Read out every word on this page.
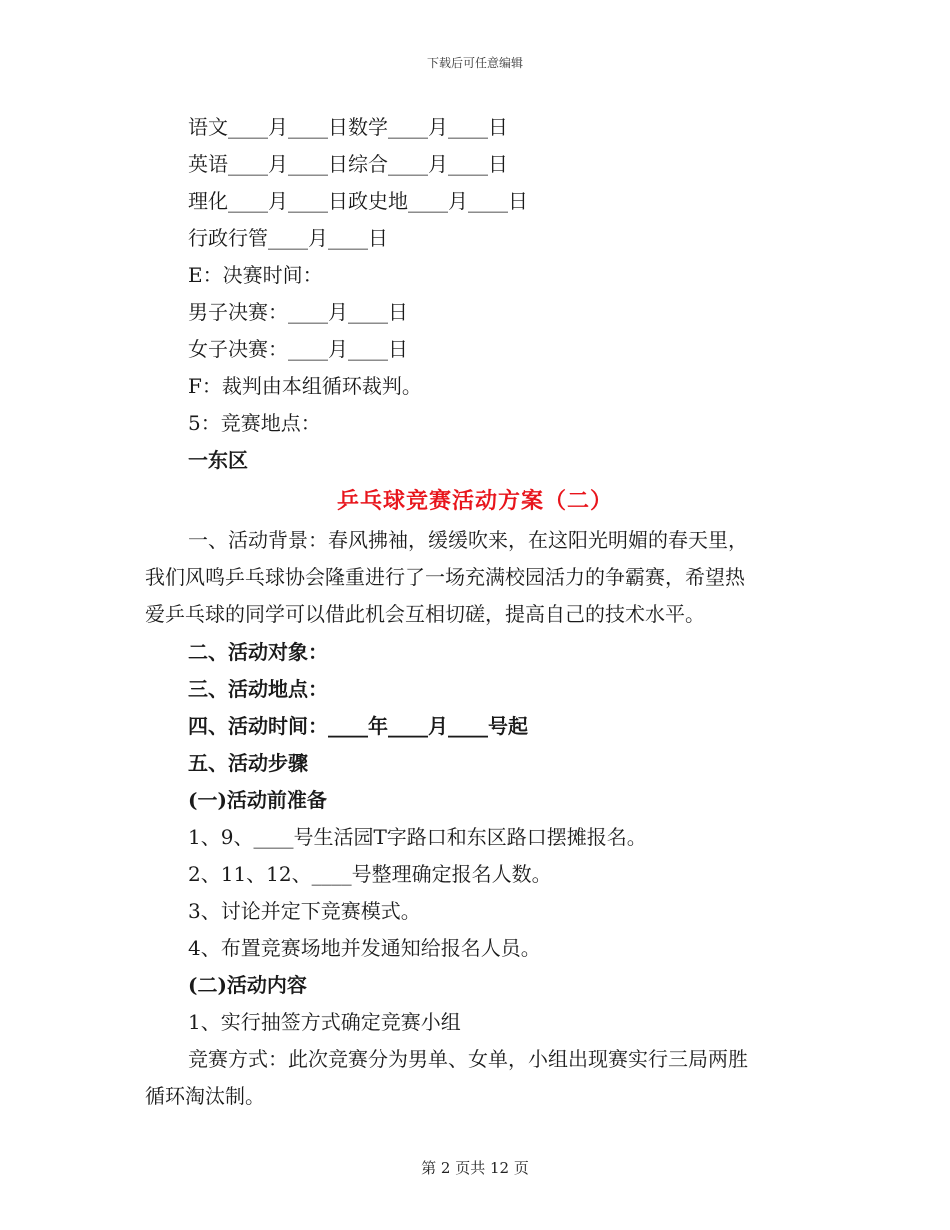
下载后可任意编辑
语文____月____日数学____月____日
英语____月____日综合____月____日
理化____月____日政史地____月____日
行政行管____月____日
E：决赛时间：
男子决赛：____月____日
女子决赛：____月____日
F：裁判由本组循环裁判。
5：竞赛地点：
一东区
乒乓球竞赛活动方案（二）
一、活动背景：春风拂袖，缓缓吹来，在这阳光明媚的春天里，
我们风鸣乒乓球协会隆重进行了一场充满校园活力的争霸赛，希望热
爱乒乓球的同学可以借此机会互相切磋，提高自己的技术水平。
二、活动对象：
三、活动地点：
四、活动时间：____年____月____号起
五、活动步骤
(一)活动前准备
1、9、____号生活园T字路口和东区路口摆摊报名。
2、11、12、____号整理确定报名人数。
3、讨论并定下竞赛模式。
4、布置竞赛场地并发通知给报名人员。
(二)活动内容
1、实行抽签方式确定竞赛小组
竞赛方式：此次竞赛分为男单、女单，小组出现赛实行三局两胜
循环淘汰制。
第 2 页共 12 页
